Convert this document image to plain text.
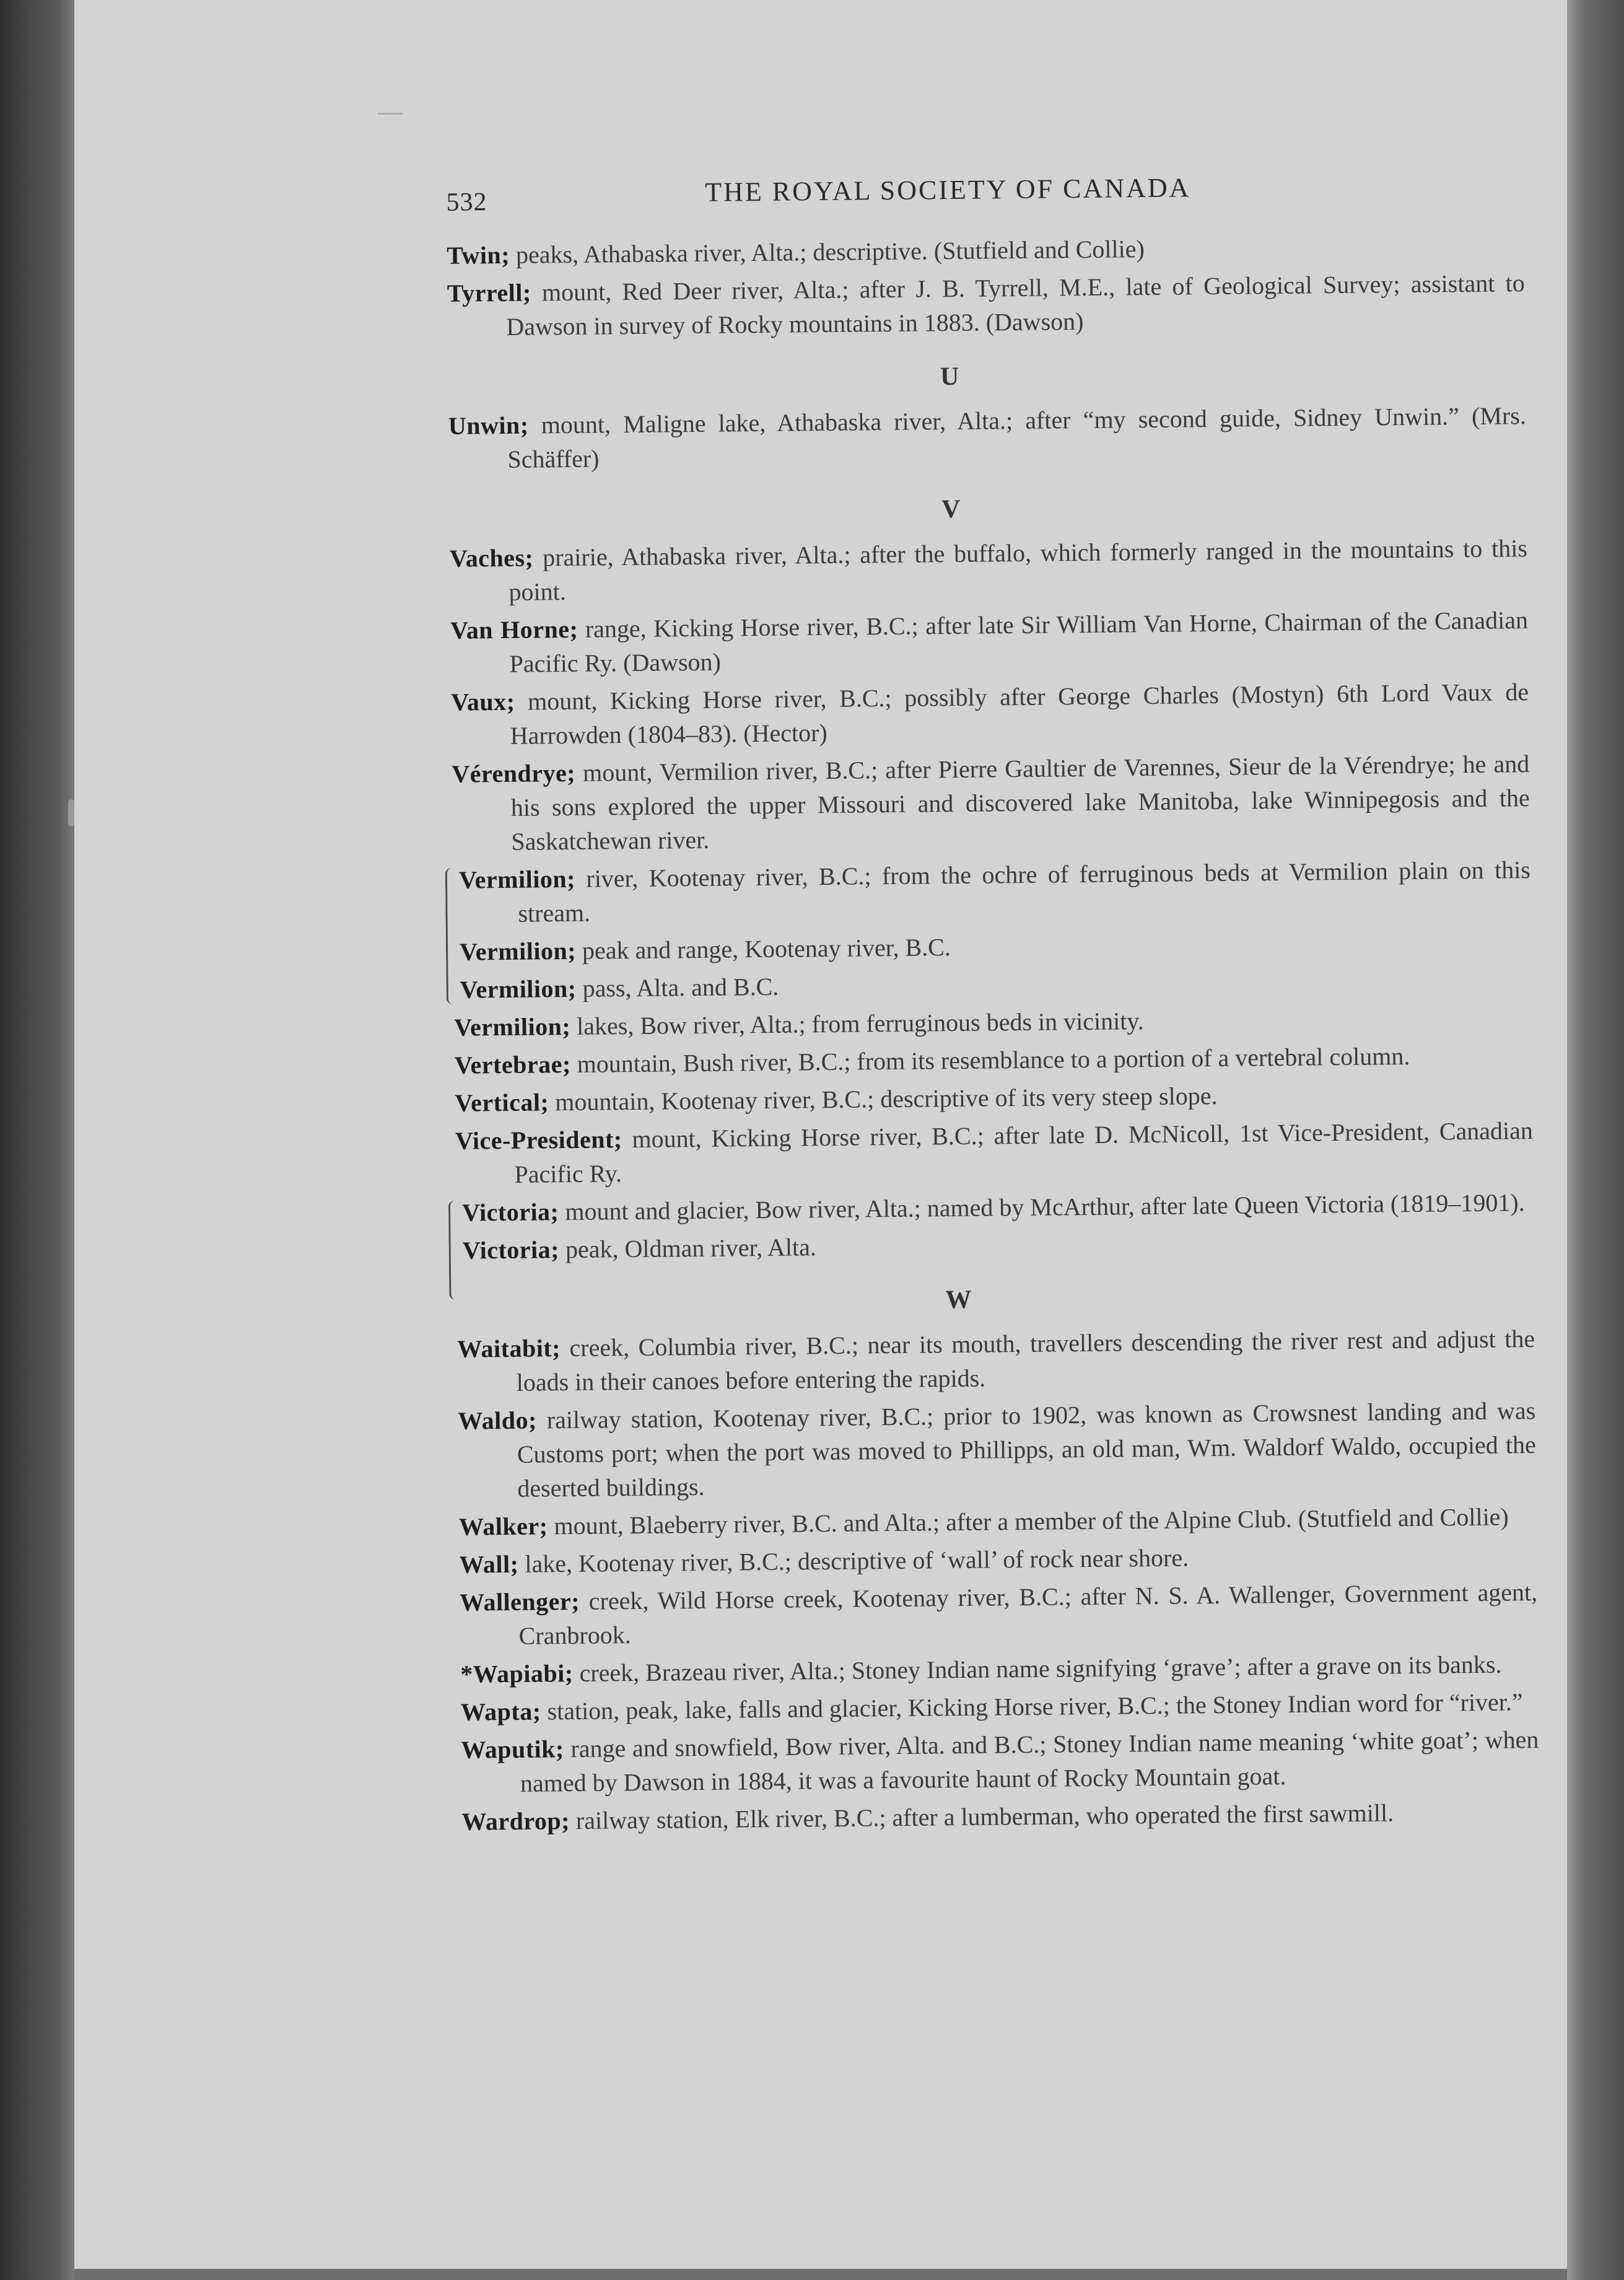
532	THE ROYAL SOCIETY OF CANADA

Twin; peaks, Athabaska river, Alta.; descriptive. (Stutfield and Collie)

Tyrrell; mount, Red Deer river, Alta.; after J. B. Tyrrell, M.E., late of Geological Survey; assistant to Dawson in survey of Rocky mountains in 1883. (Dawson)

U

Unwin; mount, Maligne lake, Athabaska river, Alta.; after “my second guide, Sidney Unwin.” (Mrs. Schäffer)

V

Vaches; prairie, Athabaska river, Alta.; after the buffalo, which formerly ranged in the mountains to this point.

Van Horne; range, Kicking Horse river, B.C.; after late Sir William Van Horne, Chairman of the Canadian Pacific Ry. (Dawson)

Vaux; mount, Kicking Horse river, B.C.; possibly after George Charles (Mostyn) 6th Lord Vaux de Harrowden (1804–83). (Hector)

Vérendrye; mount, Vermilion river, B.C.; after Pierre Gaultier de Varennes, Sieur de la Vérendrye; he and his sons explored the upper Missouri and discovered lake Manitoba, lake Winnipegosis and the Saskatchewan river.

Vermilion; river, Kootenay river, B.C.; from the ochre of ferruginous beds at Vermilion plain on this stream.

Vermilion; peak and range, Kootenay river, B.C.

Vermilion; pass, Alta. and B.C.

Vermilion; lakes, Bow river, Alta.; from ferruginous beds in vicinity.

Vertebrae; mountain, Bush river, B.C.; from its resemblance to a portion of a vertebral column.

Vertical; mountain, Kootenay river, B.C.; descriptive of its very steep slope.

Vice-President; mount, Kicking Horse river, B.C.; after late D. McNicoll, 1st Vice-President, Canadian Pacific Ry.

Victoria; mount and glacier, Bow river, Alta.; named by McArthur, after late Queen Victoria (1819–1901).

Victoria; peak, Oldman river, Alta.

W

Waitabit; creek, Columbia river, B.C.; near its mouth, travellers descending the river rest and adjust the loads in their canoes before entering the rapids.

Waldo; railway station, Kootenay river, B.C.; prior to 1902, was known as Crowsnest landing and was Customs port; when the port was moved to Phillipps, an old man, Wm. Waldorf Waldo, occupied the deserted buildings.

Walker; mount, Blaeberry river, B.C. and Alta.; after a member of the Alpine Club. (Stutfield and Collie)

Wall; lake, Kootenay river, B.C.; descriptive of ‘wall’ of rock near shore.

Wallenger; creek, Wild Horse creek, Kootenay river, B.C.; after N. S. A. Wallenger, Government agent, Cranbrook.

*Wapiabi; creek, Brazeau river, Alta.; Stoney Indian name signifying ‘grave’; after a grave on its banks.

Wapta; station, peak, lake, falls and glacier, Kicking Horse river, B.C.; the Stoney Indian word for “river.”

Waputik; range and snowfield, Bow river, Alta. and B.C.; Stoney Indian name meaning ‘white goat’; when named by Dawson in 1884, it was a favourite haunt of Rocky Mountain goat.

Wardrop; railway station, Elk river, B.C.; after a lumberman, who operated the first sawmill.
